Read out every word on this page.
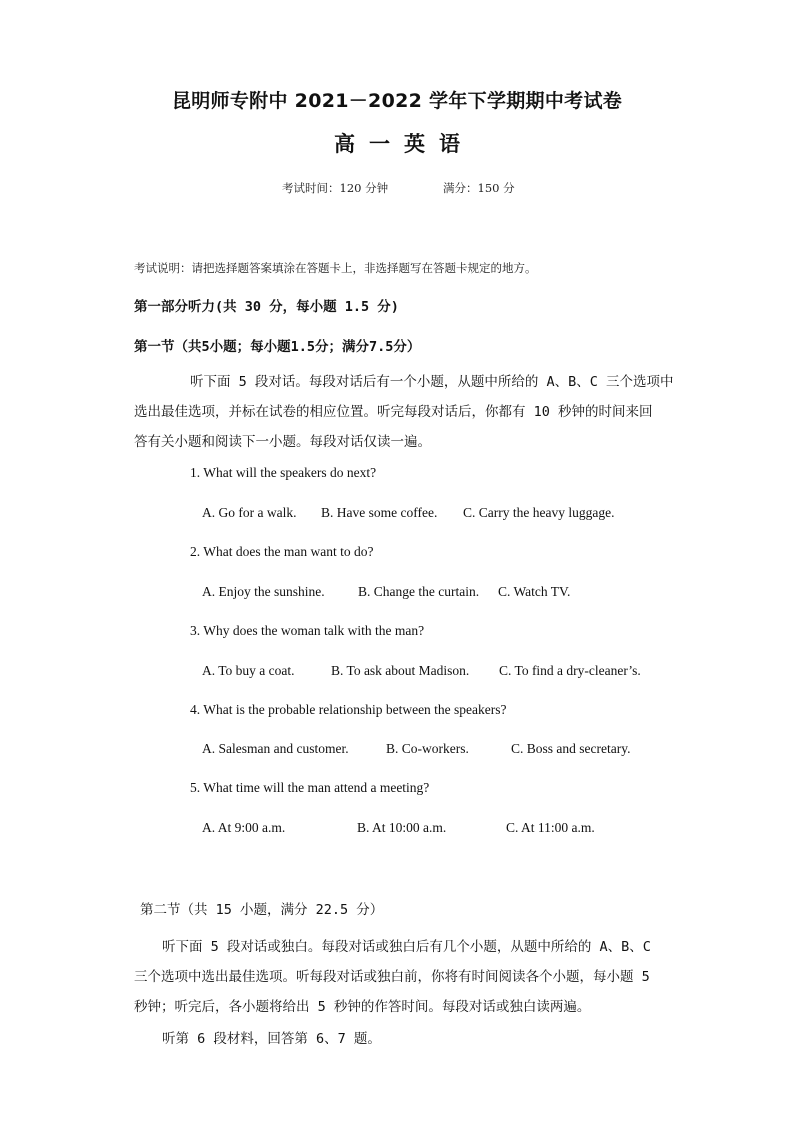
昆明师专附中 2021－2022 学年下学期期中考试卷
高一英语
考试时间：120 分钟	满分：150 分
考试说明：请把选择题答案填涂在答题卡上，非选择题写在答题卡规定的地方。
第一部分听力(共 30 分，每小题 1.5 分)
第一节（共5小题；每小题1.5分；满分7.5分）
听下面 5 段对话。每段对话后有一个小题，从题中所给的 A、B、C 三个选项中
选出最佳选项，并标在试卷的相应位置。听完每段对话后，你都有 10 秒钟的时间来回
答有关小题和阅读下一小题。每段对话仅读一遍。
1. What will the speakers do next?
A. Go for a walk. B. Have some coffee. C. Carry the heavy luggage.
2. What does the man want to do?
A. Enjoy the sunshine. B. Change the curtain. C. Watch TV.
3. Why does the woman talk with the man?
A. To buy a coat.	B. To ask about Madison. C. To find a dry-cleaner’s.
4. What is the probable relationship between the speakers?
A. Salesman and customer.	B. Co-workers.	C. Boss and secretary.
5. What time will the man attend a meeting?
A. At 9:00 a.m.	B. At 10:00 a.m.	C. At 11:00 a.m.
第二节（共 15 小题，满分 22.5 分）
听下面 5 段对话或独白。每段对话或独白后有几个小题，从题中所给的 A、B、C
三个选项中选出最佳选项。听每段对话或独白前，你将有时间阅读各个小题，每小题 5
秒钟；听完后，各小题将给出 5 秒钟的作答时间。每段对话或独白读两遍。
听第 6 段材料，回答第 6、7 题。
